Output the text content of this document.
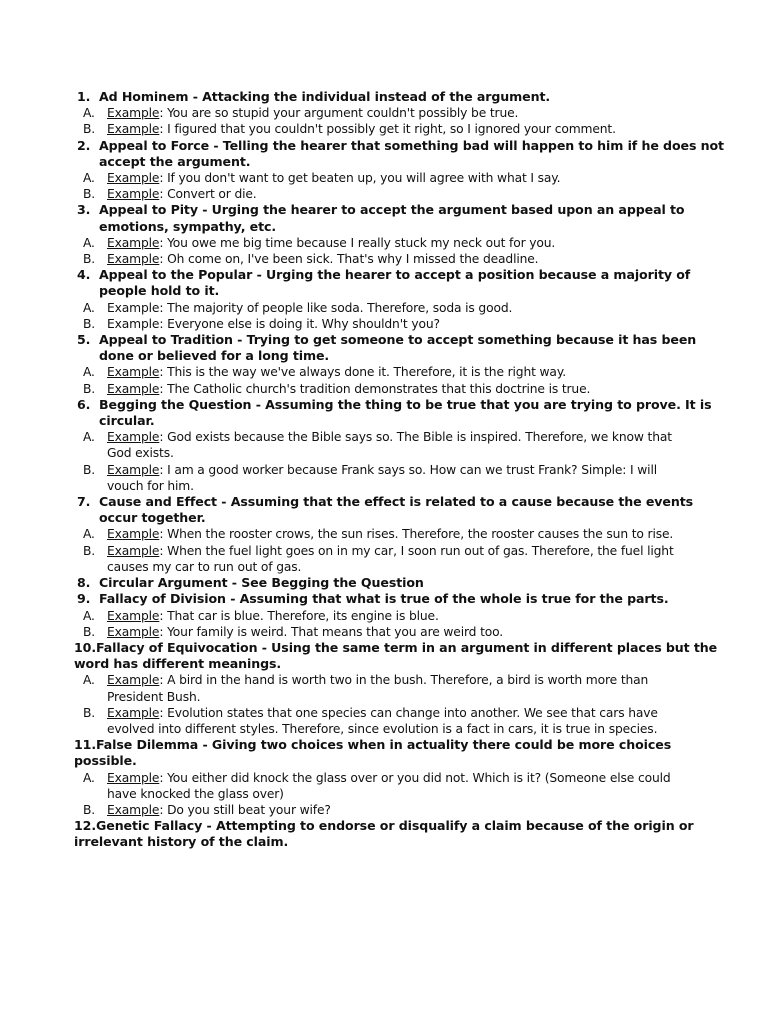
1. Ad Hominem - Attacking the individual instead of the argument.
A. Example: You are so stupid your argument couldn't possibly be true.
B. Example: I figured that you couldn't possibly get it right, so I ignored your comment.
2. Appeal to Force - Telling the hearer that something bad will happen to him if he does not accept the argument.
A. Example: If you don't want to get beaten up, you will agree with what I say.
B. Example: Convert or die.
3. Appeal to Pity - Urging the hearer to accept the argument based upon an appeal to emotions, sympathy, etc.
A. Example: You owe me big time because I really stuck my neck out for you.
B. Example: Oh come on, I've been sick. That's why I missed the deadline.
4. Appeal to the Popular - Urging the hearer to accept a position because a majority of people hold to it.
A. Example: The majority of people like soda. Therefore, soda is good.
B. Example: Everyone else is doing it. Why shouldn't you?
5. Appeal to Tradition - Trying to get someone to accept something because it has been done or believed for a long time.
A. Example: This is the way we've always done it. Therefore, it is the right way.
B. Example: The Catholic church's tradition demonstrates that this doctrine is true.
6. Begging the Question - Assuming the thing to be true that you are trying to prove. It is circular.
A. Example: God exists because the Bible says so. The Bible is inspired. Therefore, we know that God exists.
B. Example: I am a good worker because Frank says so. How can we trust Frank? Simple: I will vouch for him.
7. Cause and Effect - Assuming that the effect is related to a cause because the events occur together.
A. Example: When the rooster crows, the sun rises. Therefore, the rooster causes the sun to rise.
B. Example: When the fuel light goes on in my car, I soon run out of gas. Therefore, the fuel light causes my car to run out of gas.
8. Circular Argument - See Begging the Question
9. Fallacy of Division - Assuming that what is true of the whole is true for the parts.
A. Example: That car is blue. Therefore, its engine is blue.
B. Example: Your family is weird. That means that you are weird too.
10.Fallacy of Equivocation - Using the same term in an argument in different places but the word has different meanings.
A. Example: A bird in the hand is worth two in the bush. Therefore, a bird is worth more than President Bush.
B. Example: Evolution states that one species can change into another. We see that cars have evolved into different styles. Therefore, since evolution is a fact in cars, it is true in species.
11.False Dilemma - Giving two choices when in actuality there could be more choices possible.
A. Example: You either did knock the glass over or you did not. Which is it? (Someone else could have knocked the glass over)
B. Example: Do you still beat your wife?
12.Genetic Fallacy - Attempting to endorse or disqualify a claim because of the origin or irrelevant history of the claim.
